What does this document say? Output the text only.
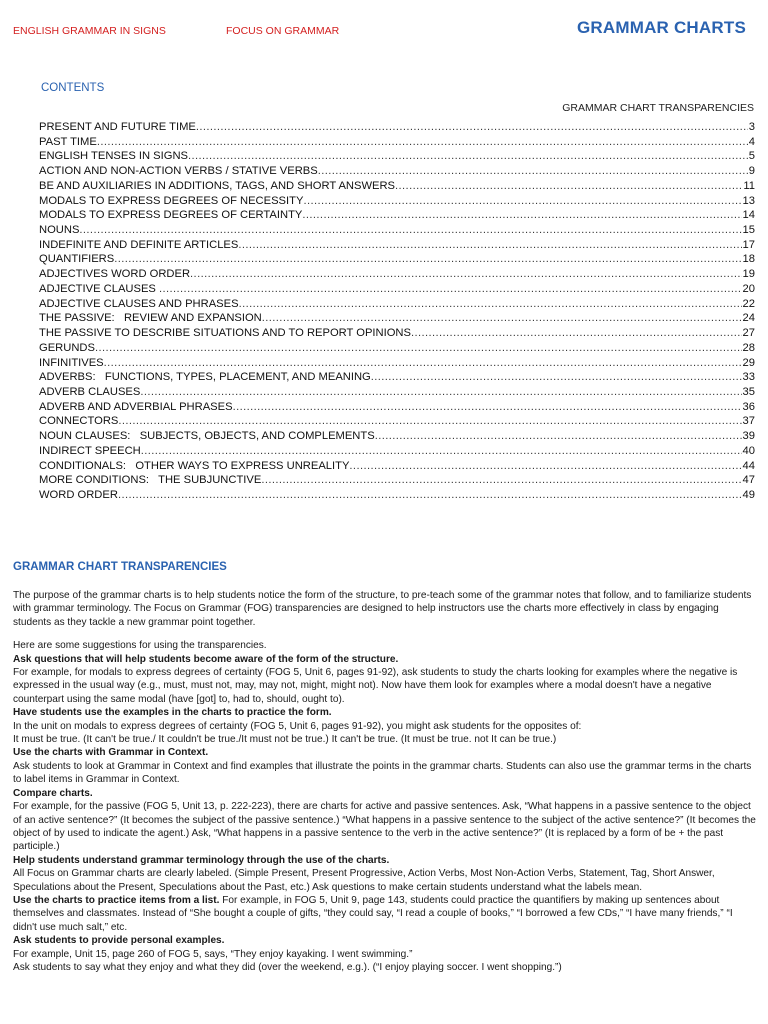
ENGLISH GRAMMAR IN SIGNS	FOCUS ON GRAMMAR	GRAMMAR CHARTS
CONTENTS
GRAMMAR CHART TRANSPARENCIES
PRESENT AND FUTURE TIME .....	3
PAST TIME .....	4
ENGLISH TENSES IN SIGNS .....	5
ACTION AND NON-ACTION VERBS / STATIVE VERBS .....	9
BE AND AUXILIARIES IN ADDITIONS, TAGS, AND SHORT ANSWERS .....	11
MODALS TO EXPRESS DEGREES OF NECESSITY .....	13
MODALS TO EXPRESS DEGREES OF CERTAINTY .....	14
NOUNS .....	15
INDEFINITE AND DEFINITE ARTICLES .....	17
QUANTIFIERS .....	18
ADJECTIVES WORD ORDER .....	19
ADJECTIVE CLAUSES .....	20
ADJECTIVE CLAUSES AND PHRASES .....	22
THE PASSIVE:   REVIEW AND EXPANSION .....	24
THE PASSIVE TO DESCRIBE SITUATIONS AND TO REPORT OPINIONS .....	27
GERUNDS .....	28
INFINITIVES .....	29
ADVERBS:   FUNCTIONS, TYPES, PLACEMENT, AND MEANING .....	33
ADVERB CLAUSES .....	35
ADVERB AND ADVERBIAL PHRASES .....	36
CONNECTORS .....	37
NOUN CLAUSES:   SUBJECTS, OBJECTS, AND COMPLEMENTS .....	39
INDIRECT SPEECH .....	40
CONDITIONALS:   OTHER WAYS TO EXPRESS UNREALITY .....	44
MORE CONDITIONS:   THE SUBJUNCTIVE .....	47
WORD ORDER .....	49
GRAMMAR CHART TRANSPARENCIES

The purpose of the grammar charts is to help students notice the form of the structure, to pre-teach some of the grammar notes that follow, and to familiarize students with grammar terminology. The Focus on Grammar (FOG) transparencies are designed to help instructors use the charts more effectively in class by engaging students as they tackle a new grammar point together.

Here are some suggestions for using the transparencies.

Ask questions that will help students become aware of the form of the structure.

For example, for modals to express degrees of certainty (FOG 5, Unit 6, pages 91-92), ask students to study the charts looking for examples where the negative is expressed in the usual way (e.g., must, must not, may, may not, might, might not). Now have them look for examples where a modal doesn't have a negative counterpart using the same modal (have [got] to, had to, should, ought to).

Have students use the examples in the charts to practice the form.

In the unit on modals to express degrees of certainty (FOG 5, Unit 6, pages 91-92), you might ask students for the opposites of:

It must be true. (It can't be true./ It couldn't be true./It must not be true.) It can't be true. (It must be true. not It can be true.)

Use the charts with Grammar in Context.

Ask students to look at Grammar in Context and find examples that illustrate the points in the grammar charts. Students can also use the grammar terms in the charts to label items in Grammar in Context.

Compare charts.

For example, for the passive (FOG 5, Unit 13, p. 222-223), there are charts for active and passive sentences. Ask, “What happens in a passive sentence to the object of an active sentence?” (It becomes the subject of the passive sentence.) “What happens in a passive sentence to the subject of the active sentence?” (It becomes the object of by used to indicate the agent.) Ask, “What happens in a passive sentence to the verb in the active sentence?” (It is replaced by a form of be + the past participle.)

Help students understand grammar terminology through the use of the charts.

All Focus on Grammar charts are clearly labeled. (Simple Present, Present Progressive, Action Verbs, Most Non-Action Verbs, Statement, Tag, Short Answer, Speculations about the Present, Speculations about the Past, etc.) Ask questions to make certain students understand what the labels mean.

Use the charts to practice items from a list. For example, in FOG 5, Unit 9, page 143, students could practice the quantifiers by making up sentences about themselves and classmates. Instead of “She bought a couple of gifts, “they could say, “I read a couple of books,” “I borrowed a few CDs,” “I have many friends,” “I didn't use much salt,” etc.

Ask students to provide personal examples.

For example, Unit 15, page 260 of FOG 5, says, “They enjoy kayaking. I went swimming.”

Ask students to say what they enjoy and what they did (over the weekend, e.g.). (“I enjoy playing soccer. I went shopping.”)
